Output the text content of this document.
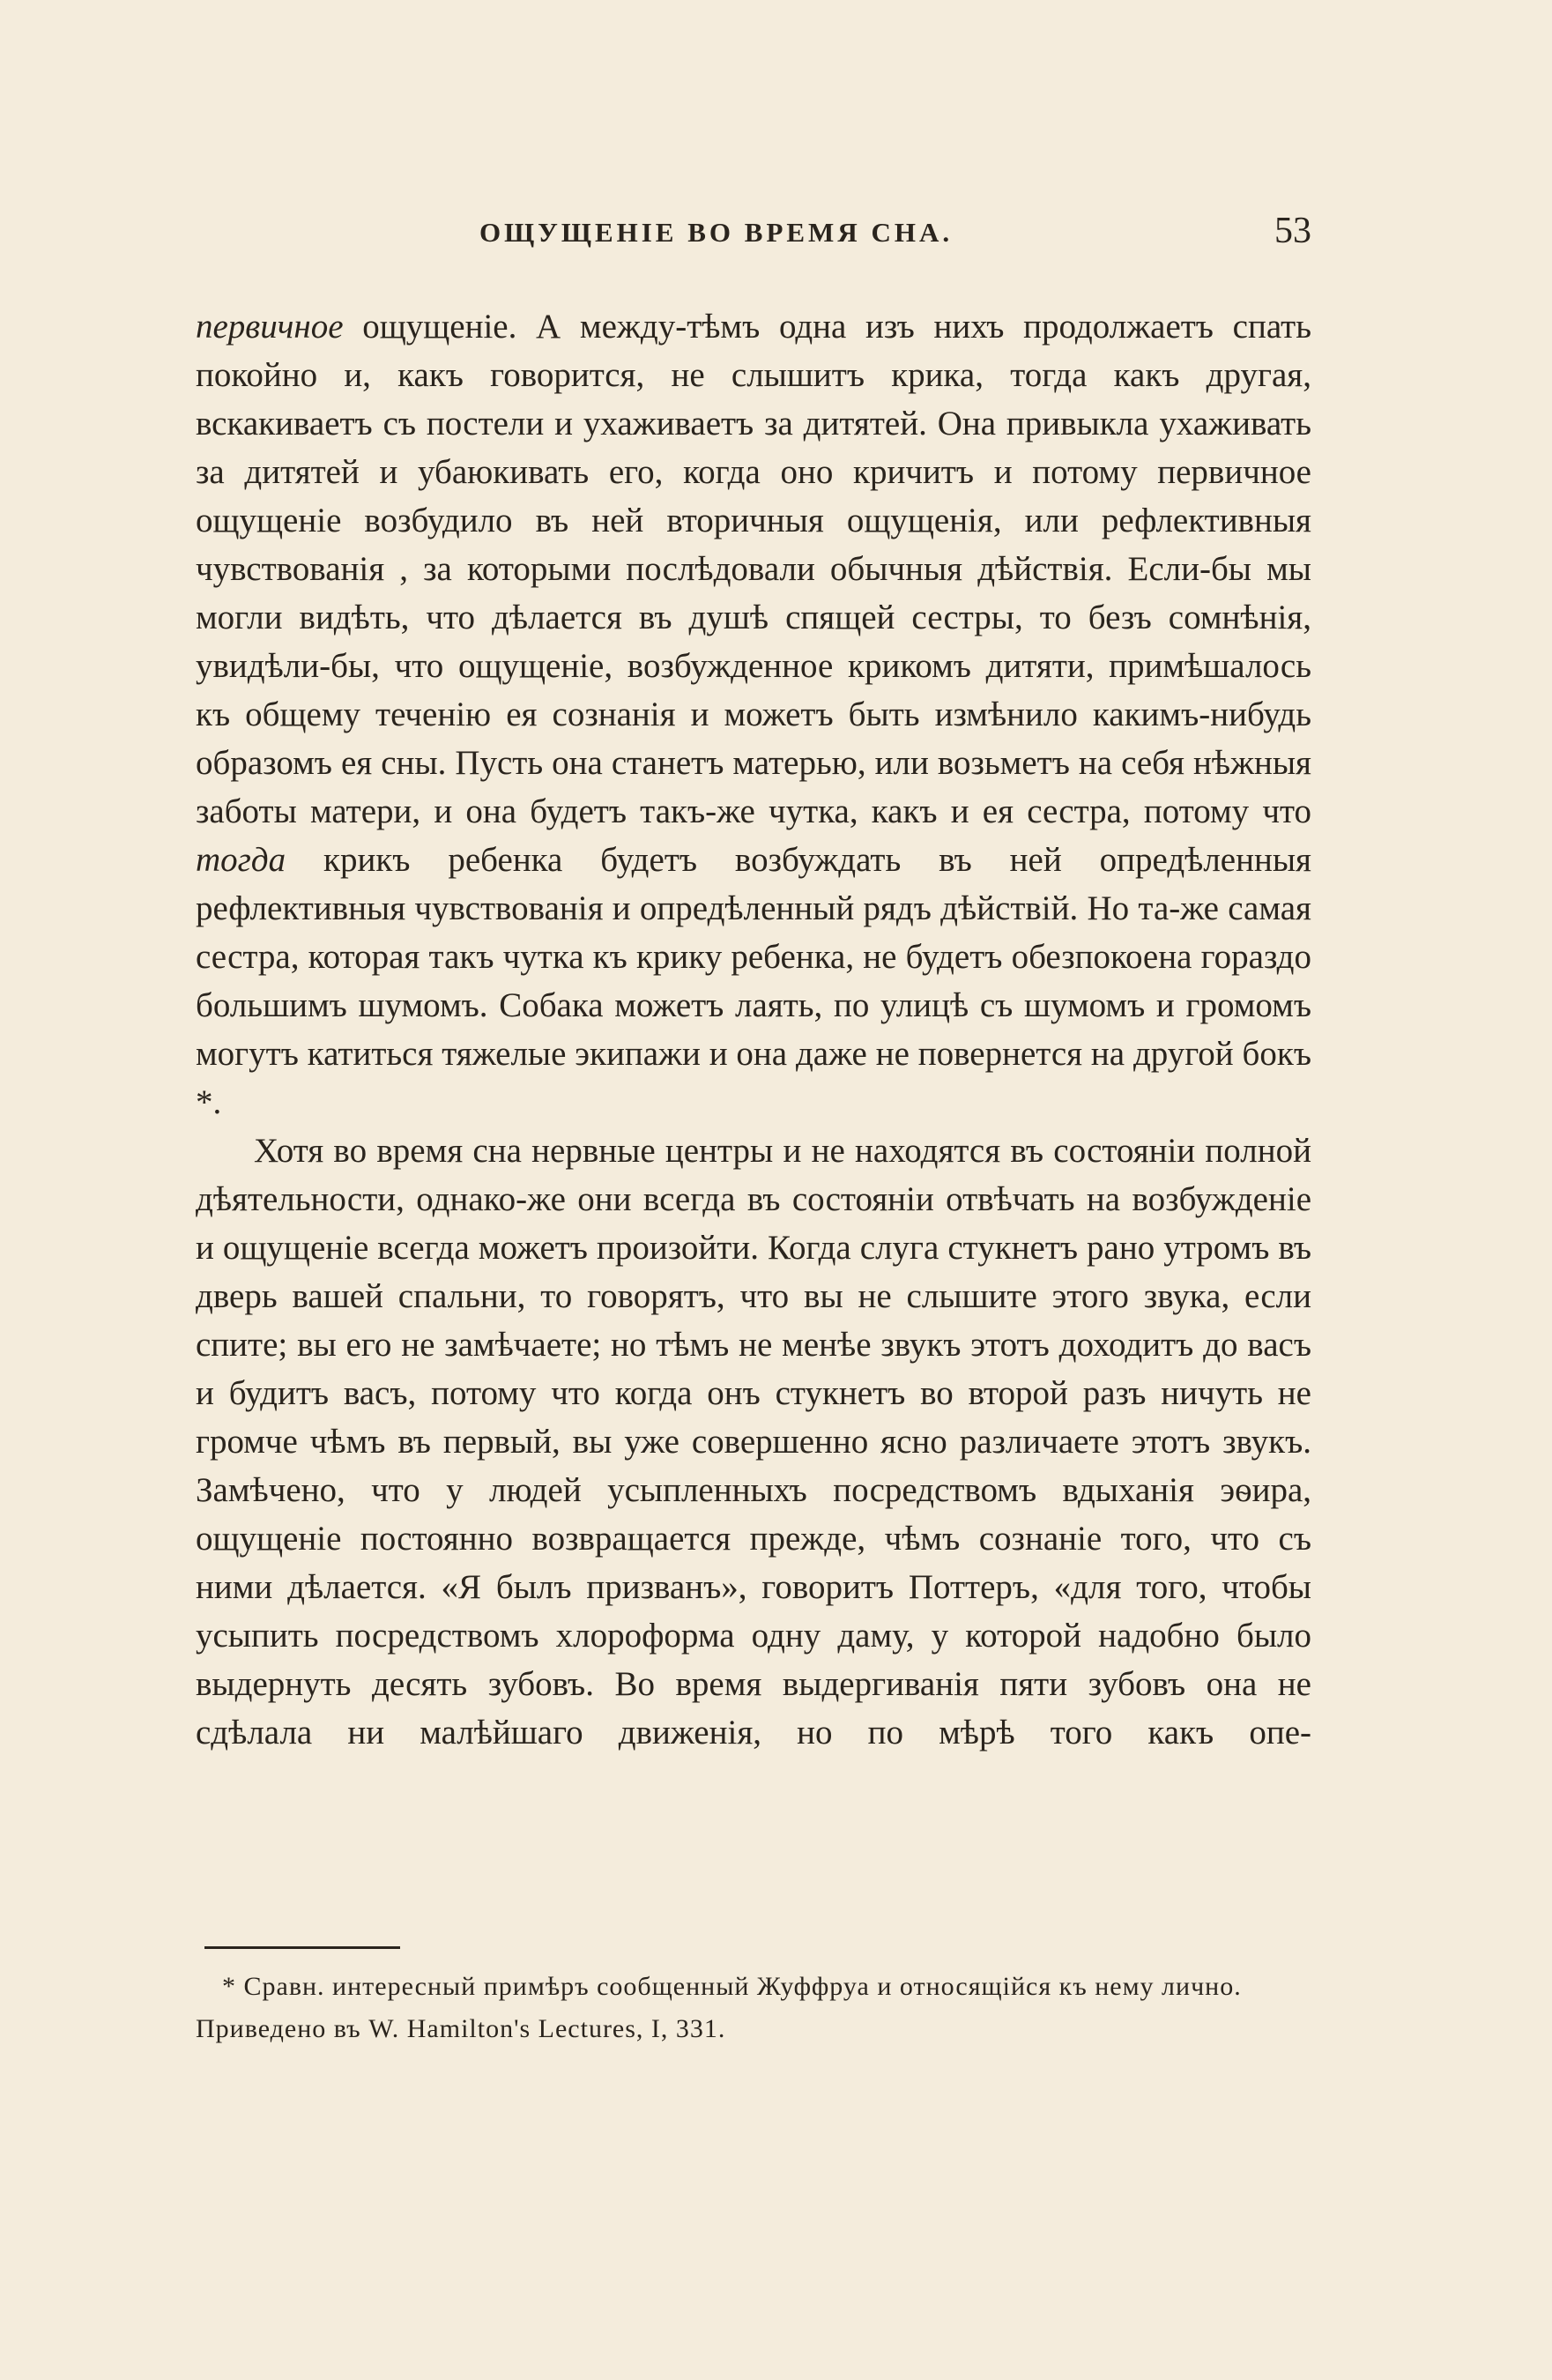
ОЩУЩЕНІЕ ВО ВРЕМЯ СНА.	53

первичное ощущеніе. А между-тѣмъ одна изъ нихъ продолжаетъ спать покойно и, какъ говорится, не слышитъ крика, тогда какъ другая, вскакиваетъ съ постели и ухаживаетъ за дитятей. Она привыкла ухаживать за дитятей и убаюкивать его, когда оно кричитъ и потому первичное ощущеніе возбудило въ ней вторичныя ощущенія, или рефлективныя чувствованія , за которыми послѣдовали обычныя дѣйствія. Если-бы мы могли видѣть, что дѣлается въ душѣ спящей сестры, то безъ сомнѣнія, увидѣли-бы, что ощущеніе, возбужденное крикомъ дитяти, примѣшалось къ общему теченію ея сознанія и можетъ быть измѣнило какимъ-нибудь образомъ ея сны. Пусть она станетъ матерью, или возьметъ на себя нѣжныя заботы матери, и она будетъ такъ-же чутка, какъ и ея сестра, потому что тогда крикъ ребенка будетъ возбуждать въ ней опредѣленныя рефлективныя чувствованія и опредѣленный рядъ дѣйствій. Но та-же самая сестра, которая такъ чутка къ крику ребенка, не будетъ обезпокоена гораздо большимъ шумомъ. Собака можетъ лаять, по улицѣ съ шумомъ и громомъ могутъ катиться тяжелые экипажи и она даже не повернется на другой бокъ *.

Хотя во время сна нервные центры и не находятся въ состояніи полной дѣятельности, однако-же они всегда въ состояніи отвѣчать на возбужденіе и ощущеніе всегда можетъ произойти. Когда слуга стукнетъ рано утромъ въ дверь вашей спальни, то говорятъ, что вы не слышите этого звука, если спите; вы его не замѣчаете; но тѣмъ не менѣе звукъ этотъ доходитъ до васъ и будитъ васъ, потому что когда онъ стукнетъ во второй разъ ничуть не громче чѣмъ въ первый, вы уже совершенно ясно различаете этотъ звукъ. Замѣчено, что у людей усыпленныхъ посредствомъ вдыханія эѳира, ощущеніе постоянно возвращается прежде, чѣмъ сознаніе того, что съ ними дѣлается. «Я былъ призванъ», говоритъ Поттеръ, «для того, чтобы усыпить посредствомъ хлороформа одну даму, у которой надобно было выдернуть десять зубовъ. Во время выдергиванія пяти зубовъ она не сдѣлала ни малѣйшаго движенія, но по мѣрѣ того какъ опе-

* Сравн. интересный примѣръ сообщенный Жуффруа и относящійся къ нему лично.

Приведено въ W. Hamilton's Lectures, I, 331.
